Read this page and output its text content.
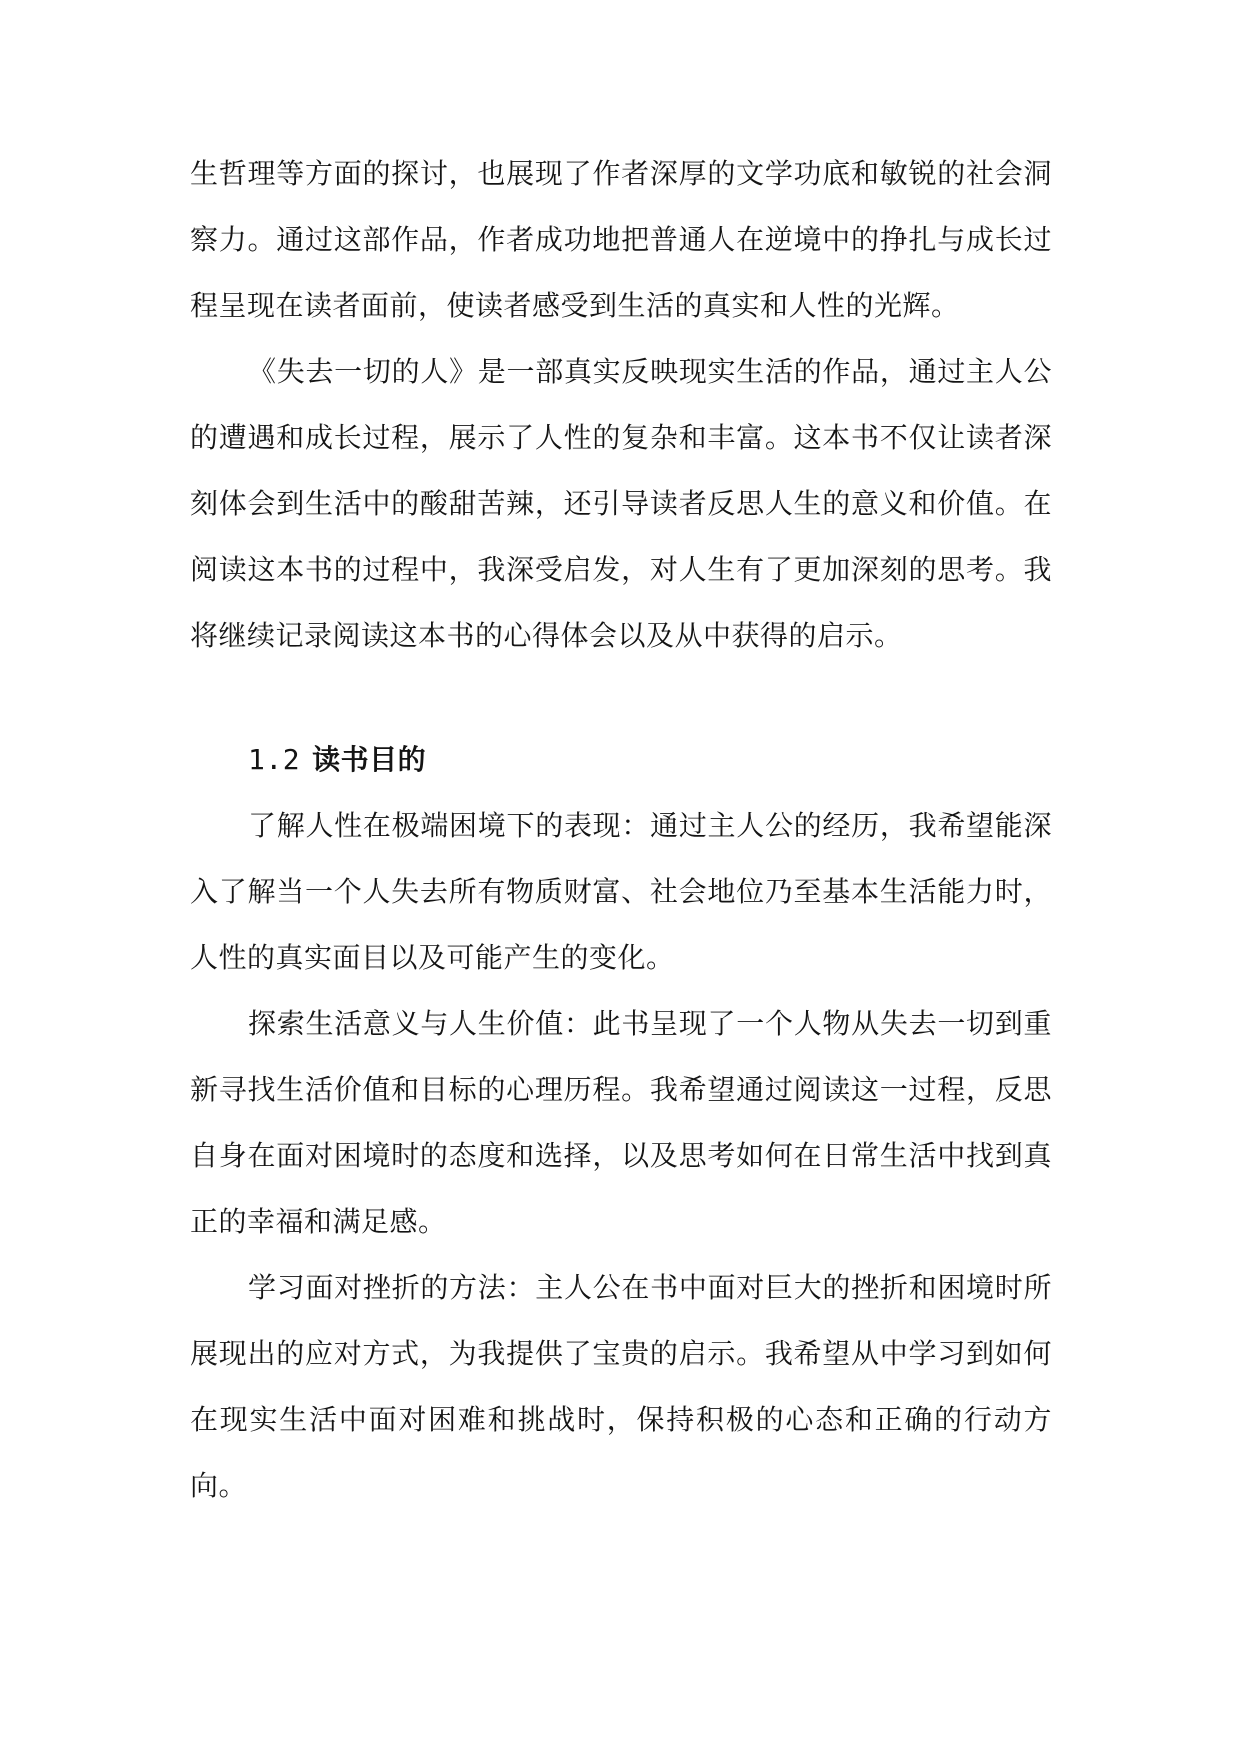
生哲理等方面的探讨，也展现了作者深厚的文学功底和敏锐的社会洞察力。通过这部作品，作者成功地把普通人在逆境中的挣扎与成长过程呈现在读者面前，使读者感受到生活的真实和人性的光辉。

《失去一切的人》是一部真实反映现实生活的作品，通过主人公的遭遇和成长过程，展示了人性的复杂和丰富。这本书不仅让读者深刻体会到生活中的酸甜苦辣，还引导读者反思人生的意义和价值。在阅读这本书的过程中，我深受启发，对人生有了更加深刻的思考。我将继续记录阅读这本书的心得体会以及从中获得的启示。

1.2 读书目的

了解人性在极端困境下的表现：通过主人公的经历，我希望能深入了解当一个人失去所有物质财富、社会地位乃至基本生活能力时，人性的真实面目以及可能产生的变化。

探索生活意义与人生价值：此书呈现了一个人物从失去一切到重新寻找生活价值和目标的心理历程。我希望通过阅读这一过程，反思自身在面对困境时的态度和选择，以及思考如何在日常生活中找到真正的幸福和满足感。

学习面对挫折的方法：主人公在书中面对巨大的挫折和困境时所展现出的应对方式，为我提供了宝贵的启示。我希望从中学习到如何在现实生活中面对困难和挑战时，保持积极的心态和正确的行动方向。
